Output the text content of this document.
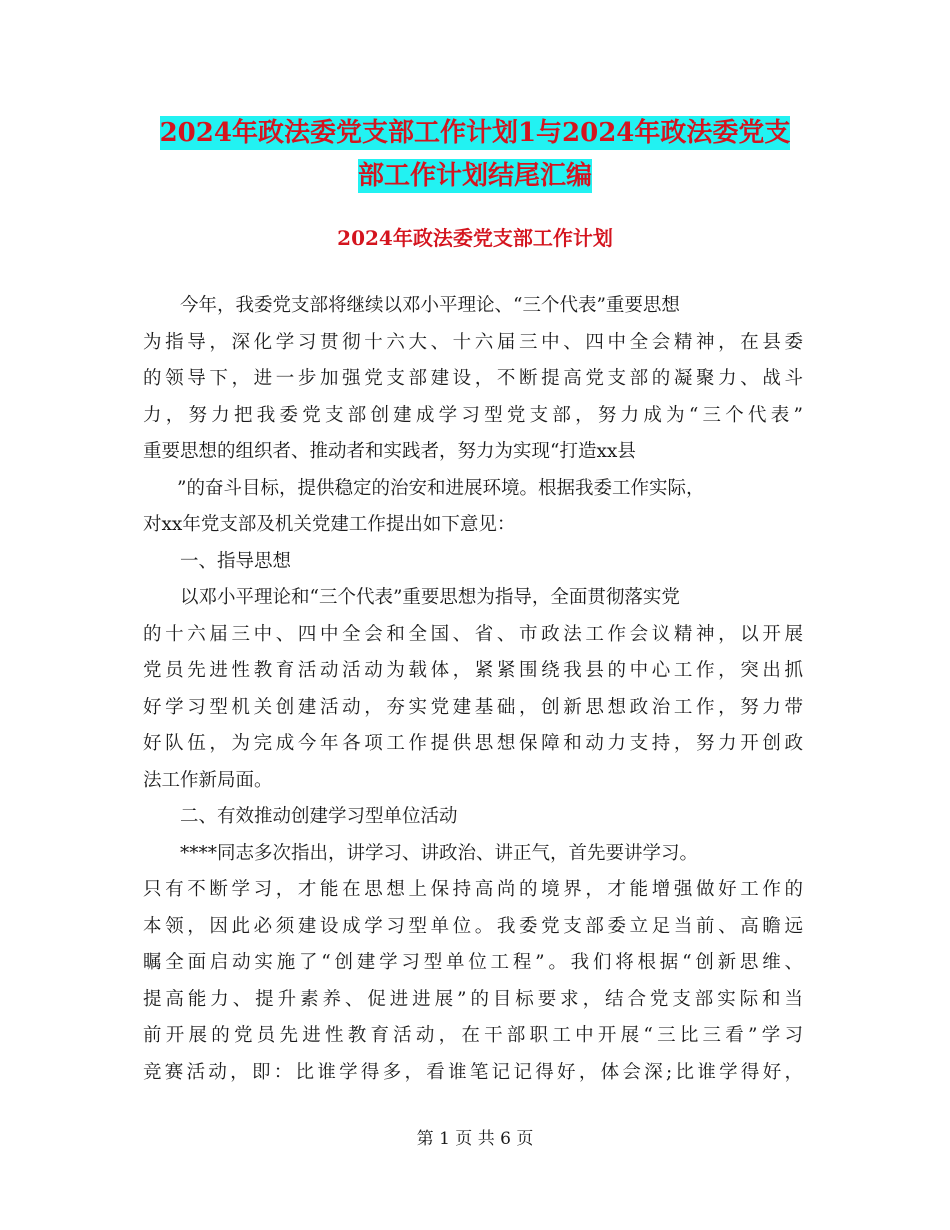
2024年政法委党支部工作计划1与2024年政法委党支
部工作计划结尾汇编
2024年政法委党支部工作计划
今年，我委党支部将继续以邓小平理论、“三个代表”重要思想
为指导，深化学习贯彻十六大、十六届三中、四中全会精神，在县委
的领导下，进一步加强党支部建设，不断提高党支部的凝聚力、战斗
力，努力把我委党支部创建成学习型党支部，努力成为“三个代表”
重要思想的组织者、推动者和实践者，努力为实现“打造xx县
”的奋斗目标，提供稳定的治安和进展环境。根据我委工作实际，
对xx年党支部及机关党建工作提出如下意见：
一、指导思想
以邓小平理论和“三个代表”重要思想为指导，全面贯彻落实党
的十六届三中、四中全会和全国、省、市政法工作会议精神，以开展
党员先进性教育活动活动为载体，紧紧围绕我县的中心工作，突出抓
好学习型机关创建活动，夯实党建基础，创新思想政治工作，努力带
好队伍，为完成今年各项工作提供思想保障和动力支持，努力开创政
法工作新局面。
二、有效推动创建学习型单位活动
****同志多次指出，讲学习、讲政治、讲正气，首先要讲学习。
只有不断学习，才能在思想上保持高尚的境界，才能增强做好工作的
本领，因此必须建设成学习型单位。我委党支部委立足当前、高瞻远
瞩全面启动实施了“创建学习型单位工程”。我们将根据“创新思维、
提高能力、提升素养、促进进展”的目标要求，结合党支部实际和当
前开展的党员先进性教育活动，在干部职工中开展“三比三看”学习
竞赛活动，即：比谁学得多，看谁笔记记得好，体会深;比谁学得好，
第 1 页 共 6 页
